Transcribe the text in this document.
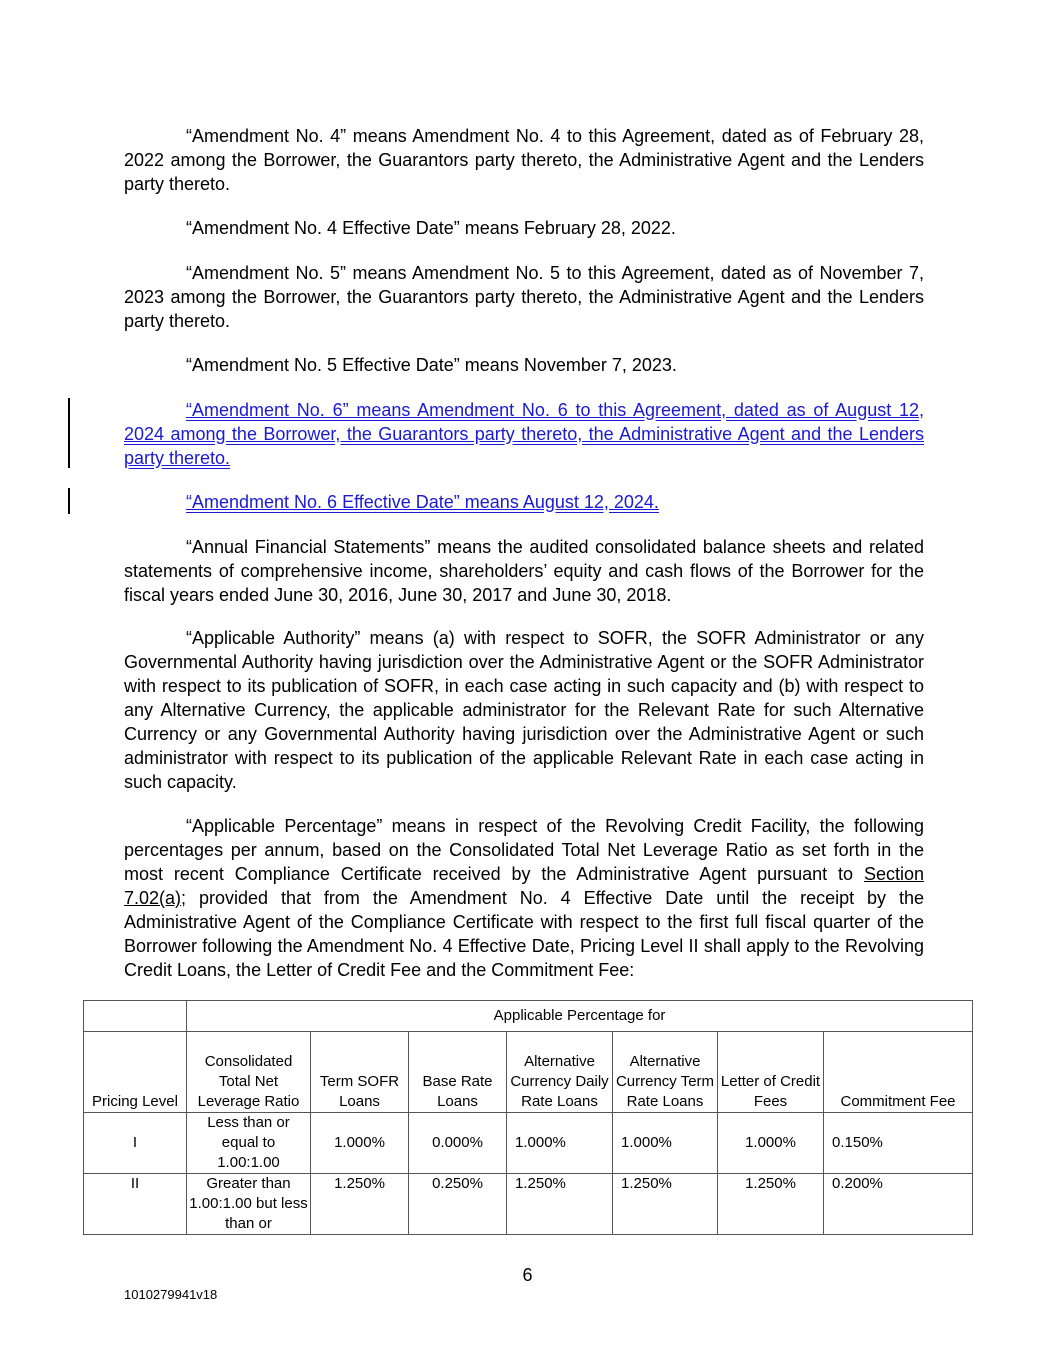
“Amendment No. 4” means Amendment No. 4 to this Agreement, dated as of February 28, 2022 among the Borrower, the Guarantors party thereto, the Administrative Agent and the Lenders party thereto.

“Amendment No. 4 Effective Date” means February 28, 2022.

“Amendment No. 5” means Amendment No. 5 to this Agreement, dated as of November 7, 2023 among the Borrower, the Guarantors party thereto, the Administrative Agent and the Lenders party thereto.

“Amendment No. 5 Effective Date” means November 7, 2023.

“Amendment No. 6” means Amendment No. 6 to this Agreement, dated as of August 12, 2024 among the Borrower, the Guarantors party thereto, the Administrative Agent and the Lenders party thereto.

“Amendment No. 6 Effective Date” means August 12, 2024.

“Annual Financial Statements” means the audited consolidated balance sheets and related statements of comprehensive income, shareholders’ equity and cash flows of the Borrower for the fiscal years ended June 30, 2016, June 30, 2017 and June 30, 2018.

“Applicable Authority” means (a) with respect to SOFR, the SOFR Administrator or any Governmental Authority having jurisdiction over the Administrative Agent or the SOFR Administrator with respect to its publication of SOFR, in each case acting in such capacity and (b) with respect to any Alternative Currency, the applicable administrator for the Relevant Rate for such Alternative Currency or any Governmental Authority having jurisdiction over the Administrative Agent or such administrator with respect to its publication of the applicable Relevant Rate in each case acting in such capacity.

“Applicable Percentage” means in respect of the Revolving Credit Facility, the following percentages per annum, based on the Consolidated Total Net Leverage Ratio as set forth in the most recent Compliance Certificate received by the Administrative Agent pursuant to Section 7.02(a); provided that from the Amendment No. 4 Effective Date until the receipt by the Administrative Agent of the Compliance Certificate with respect to the first full fiscal quarter of the Borrower following the Amendment No. 4 Effective Date, Pricing Level II shall apply to the Revolving Credit Loans, the Letter of Credit Fee and the Commitment Fee:

	Applicable Percentage for						
Pricing Level	Consolidated Total Net Leverage Ratio	Term SOFR Loans	Base Rate Loans	Alternative Currency Daily Rate Loans	Alternative Currency Term Rate Loans	Letter of Credit Fees	Commitment Fee
I	Less than or equal to 1.00:1.00	1.000%	0.000%	1.000%	1.000%	1.000%	0.150%
II	Greater than 1.00:1.00 but less than or	1.250%	0.250%	1.250%	1.250%	1.250%	0.200%
6
1010279941v18
